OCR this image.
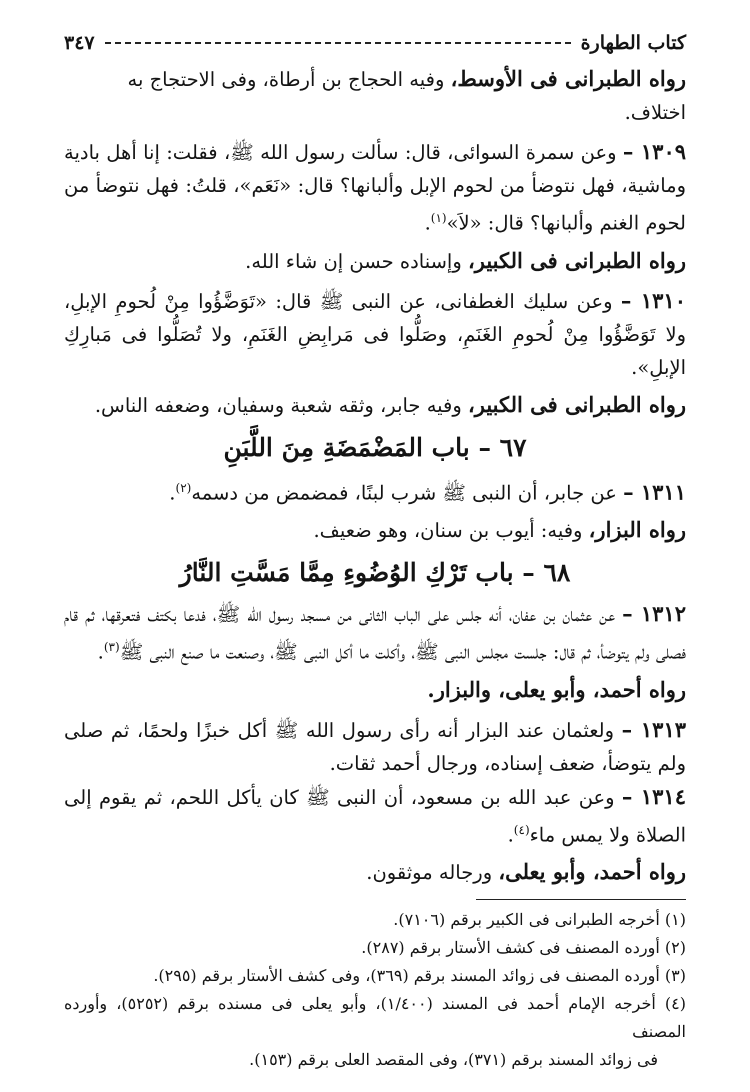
كتاب الطهارة
٣٤٧

رواه الطبرانى فى الأوسط، وفيه الحجاج بن أرطاة، وفى الاحتجاج به اختلاف.

١٣٠٩ – وعن سمرة السوائى، قال: سألت رسول الله ﷺ، فقلت: إنا أهل بادية وماشية، فهل نتوضأ من لحوم الإبل وألبانها؟ قال: «نَعَم»، قلتُ: فهل نتوضأ من لحوم الغنم وألبانها؟ قال: «لاَ»$^{(١)}$.

رواه الطبرانى فى الكبير، وإسناده حسن إن شاء الله.

١٣١٠ – وعن سليك الغطفانى، عن النبى ﷺ قال: «تَوَضَّؤُوا مِنْ لُحومِ الإبلِ، ولا تَوَضَّؤُوا مِنْ لُحومِ الغَنَمِ، وصَلُّوا فى مَرابِضِ الغَنَمِ، ولا تُصَلُّوا فى مَبارِكِ الإبلِ».

رواه الطبرانى فى الكبير، وفيه جابر، وثقه شعبة وسفيان، وضعفه الناس.

٦٧ – باب المَضْمَضَةِ مِنَ اللَّبَنِ

١٣١١ – عن جابر، أن النبى ﷺ شرب لبنًا، فمضمض من دسمه$^{(٢)}$.

رواه البزار، وفيه: أيوب بن سنان، وهو ضعيف.

٦٨ – باب تَرْكِ الوُضُوءِ مِمَّا مَسَّتِ النَّارُ

١٣١٢ – عن عثمان بن عفان، أنه جلس على الباب الثانى من مسجد رسول الله ﷺ، فدعا بكتف فتعرقها، ثم قام فصلى ولم يتوضأ، ثم قال: جلست مجلس النبى ﷺ، وأكلت ما أكل النبى ﷺ، وصنعت ما صنع النبى ﷺ$^{(٣)}$.

رواه أحمد، وأبو يعلى، والبزار.

١٣١٣ – ولعثمان عند البزار أنه رأى رسول الله ﷺ أكل خبزًا ولحمًا، ثم صلى ولم يتوضأ، ضعف إسناده، ورجال أحمد ثقات.

١٣١٤ – وعن عبد الله بن مسعود، أن النبى ﷺ كان يأكل اللحم، ثم يقوم إلى الصلاة ولا يمس ماء$^{(٤)}$.

رواه أحمد، وأبو يعلى، ورجاله موثقون.

(١) أخرجه الطبرانى فى الكبير برقم (٧١٠٦).

(٢) أورده المصنف فى كشف الأستار برقم (٢٨٧).

(٣) أورده المصنف فى زوائد المسند برقم (٣٦٩)، وفى كشف الأستار برقم (٢٩٥).

(٤) أخرجه الإمام أحمد فى المسند (١/٤٠٠)، وأبو يعلى فى مسنده برقم (٥٢٥٢)، وأورده المصنف

فى زوائد المسند برقم (٣٧١)، وفى المقصد العلى برقم (١٥٣).
